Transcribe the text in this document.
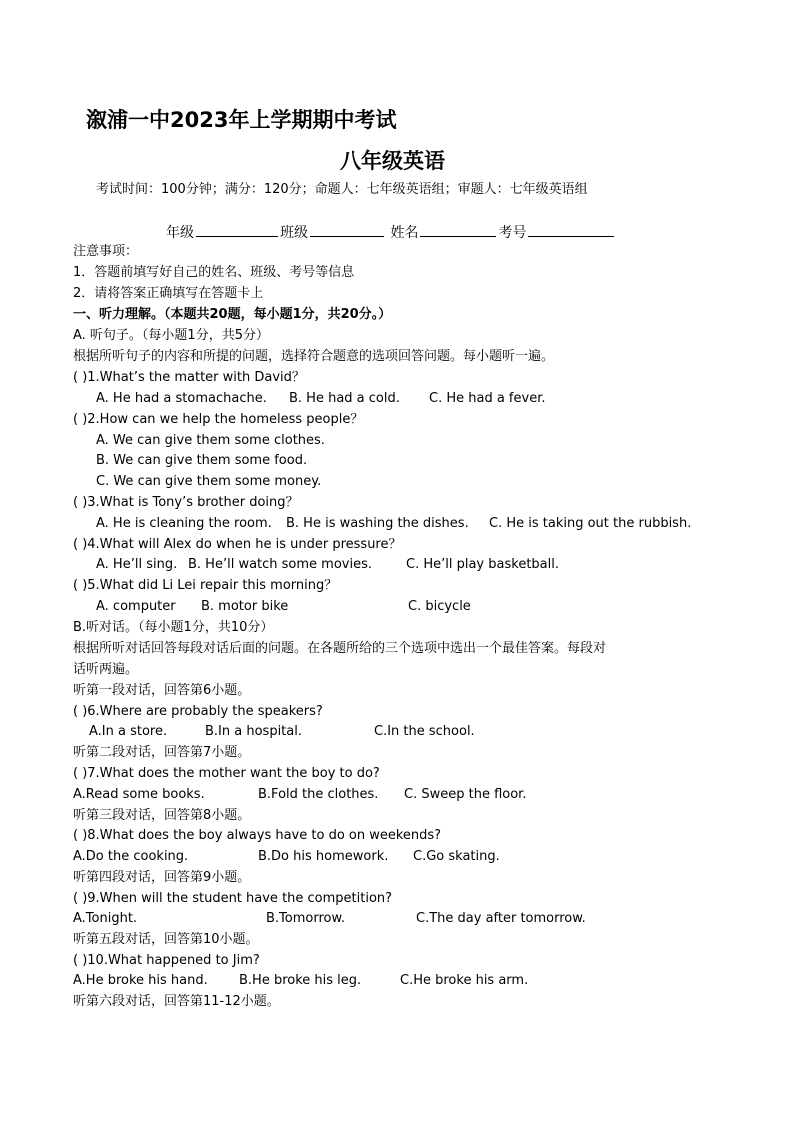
溆浦一中2023年上学期期中考试
八年级英语
考试时间：100分钟；满分：120分；命题人：七年级英语组；审题人：七年级英语组
年级	班级	姓名	考号
注意事项：
1．答题前填写好自己的姓名、班级、考号等信息
2．请将答案正确填写在答题卡上
一、听力理解。（本题共20题，每小题1分，共20分。）
A. 听句子。（每小题1分，共5分）
根据所听句子的内容和所提的问题，选择符合题意的选项回答问题。每小题听一遍。
( )1.What’s the matter with David？
A. He had a stomachache. B. He had a cold. C. He had a fever.
( )2.How can we help the homeless people？
A. We can give them some clothes.
B. We can give them some food.
C. We can give them some money.
( )3.What is Tony’s brother doing？
A. He is cleaning the room. B. He is washing the dishes. C. He is taking out the rubbish.
( )4.What will Alex do when he is under pressure？
A. He’ll sing. B. He’ll watch some movies.	C. He’ll play basketball.
( )5.What did Li Lei repair this morning？
A. computer B. motor bike	C. bicycle
B.听对话。（每小题1分，共10分）
根据所听对话回答每段对话后面的问题。在各题所给的三个选项中选出一个最佳答案。每段对
话听两遍。
听第一段对话，回答第6小题。
( )6.Where are probably the speakers?
A.In a store.	B.In a hospital.	C.In the school.
听第二段对话，回答第7小题。
( )7.What does the mother want the boy to do?
A.Read some books.	B.Fold the clothes. C. Sweep the floor.
听第三段对话，回答第8小题。
( )8.What does the boy always have to do on weekends?
A.Do the cooking.	B.Do his homework. C.Go skating.
听第四段对话，回答第9小题。
( )9.When will the student have the competition?
A.Tonight.	B.Tomorrow.	C.The day after tomorrow.
听第五段对话，回答第10小题。
( )10.What happened to Jim?
A.He broke his hand. B.He broke his leg.	C.He broke his arm.
听第六段对话，回答第11-12小题。
